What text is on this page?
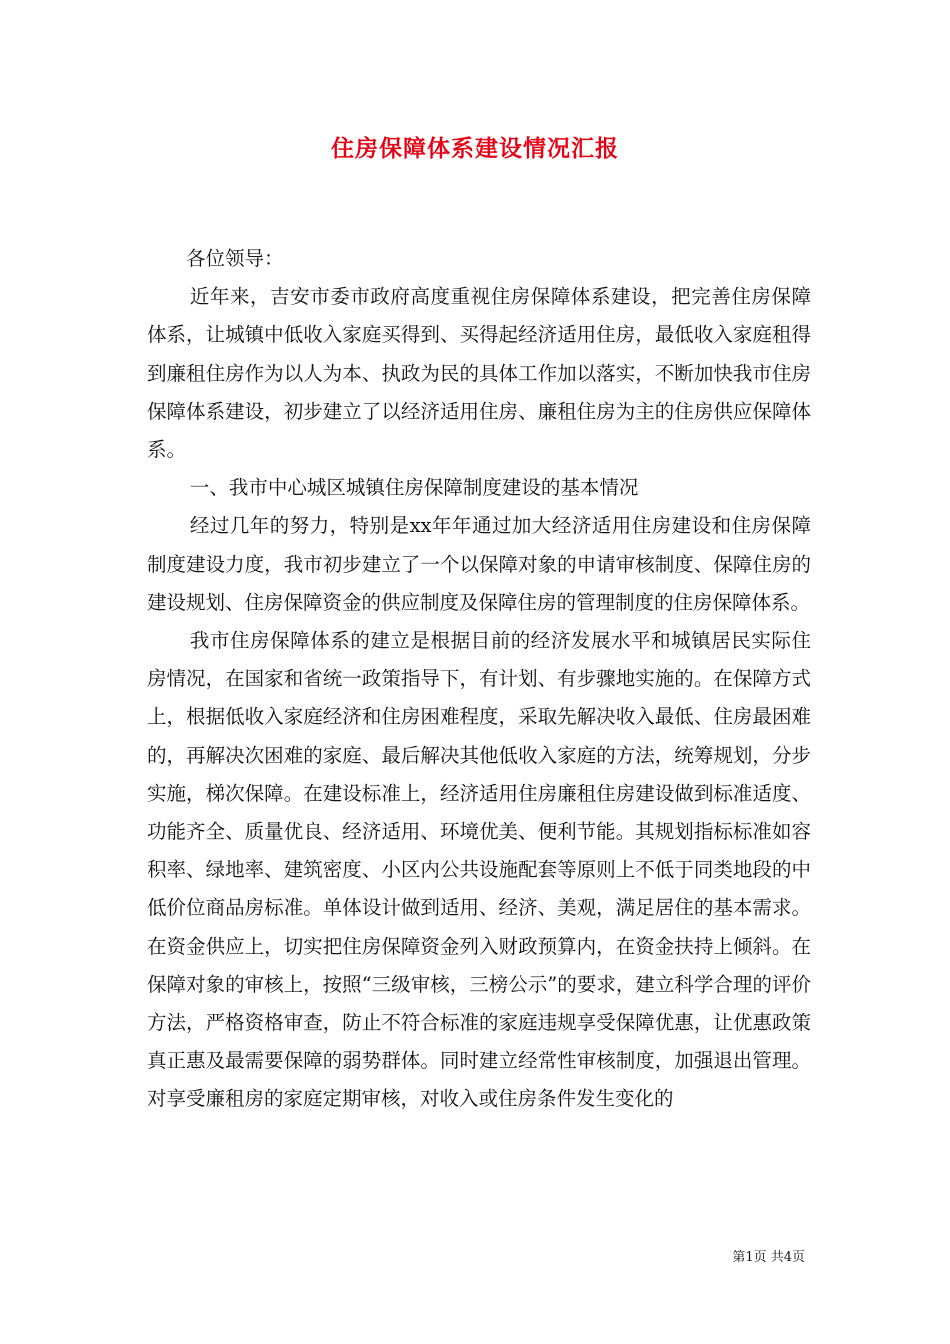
住房保障体系建设情况汇报

各位领导：

近年来，吉安市委市政府高度重视住房保障体系建设，把完善住房保障体系，让城镇中低收入家庭买得到、买得起经济适用住房，最低收入家庭租得到廉租住房作为以人为本、执政为民的具体工作加以落实，不断加快我市住房保障体系建设，初步建立了以经济适用住房、廉租住房为主的住房供应保障体系。

一、我市中心城区城镇住房保障制度建设的基本情况

经过几年的努力，特别是xx年年通过加大经济适用住房建设和住房保障制度建设力度，我市初步建立了一个以保障对象的申请审核制度、保障住房的建设规划、住房保障资金的供应制度及保障住房的管理制度的住房保障体系。

我市住房保障体系的建立是根据目前的经济发展水平和城镇居民实际住房情况，在国家和省统一政策指导下，有计划、有步骤地实施的。在保障方式上，根据低收入家庭经济和住房困难程度，采取先解决收入最低、住房最困难的，再解决次困难的家庭、最后解决其他低收入家庭的方法，统筹规划，分步实施，梯次保障。在建设标准上，经济适用住房廉租住房建设做到标准适度、功能齐全、质量优良、经济适用、环境优美、便利节能。其规划指标标准如容积率、绿地率、建筑密度、小区内公共设施配套等原则上不低于同类地段的中低价位商品房标准。单体设计做到适用、经济、美观，满足居住的基本需求。在资金供应上，切实把住房保障资金列入财政预算内，在资金扶持上倾斜。在保障对象的审核上，按照“三级审核，三榜公示”的要求，建立科学合理的评价方法，严格资格审查，防止不符合标准的家庭违规享受保障优惠，让优惠政策真正惠及最需要保障的弱势群体。同时建立经常性审核制度，加强退出管理。对享受廉租房的家庭定期审核，对收入或住房条件发生变化的

第1页 共4页
